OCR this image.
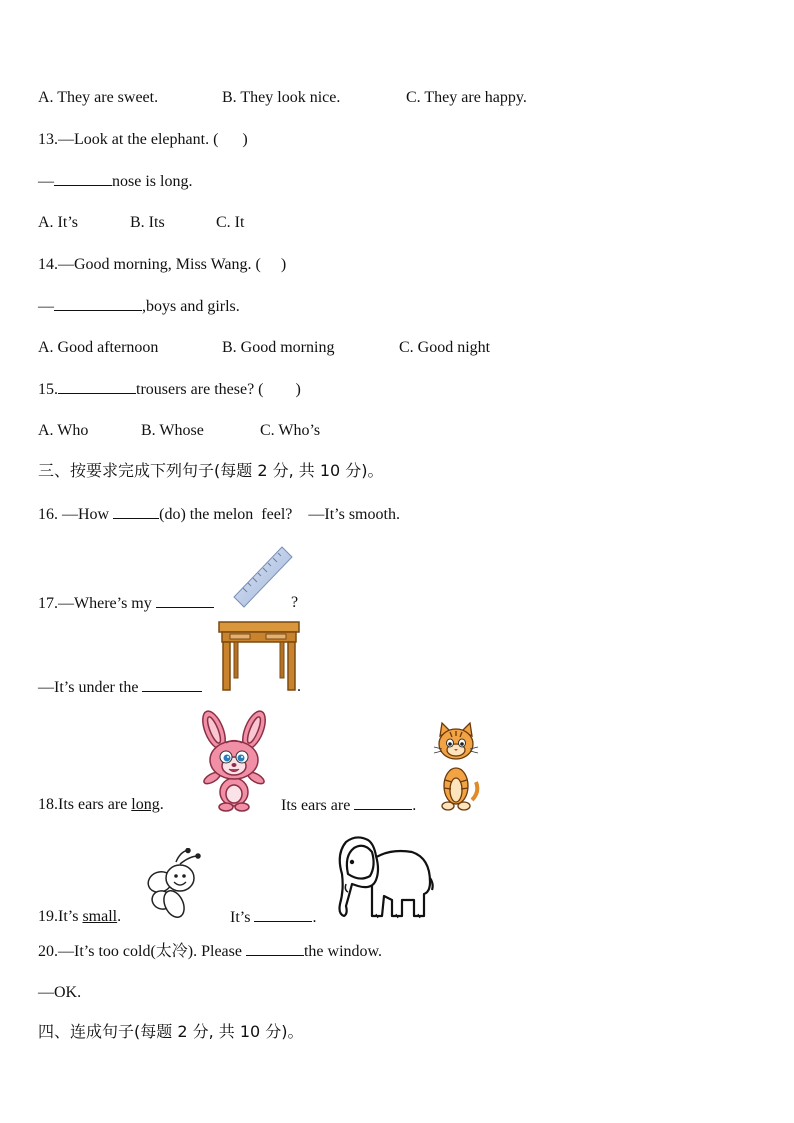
A. They are sweet.	B. They look nice.	C. They are happy.
13.—Look at the elephant. (      )
—	nose is long.
A. It’s	B. Its	C. It
14.—Good morning, Miss Wang. (     )
—	,boys and girls.
A. Good afternoon	B. Good morning	C. Good night
15.	trousers are these? (        )
A. Who	B. Whose	C. Who’s
三、按要求完成下列句子(每题 2 分, 共 10 分)。
16. —How	(do) the melon  feel?    —It’s smooth.
17.—Where’s my	?
—It’s under the	.
18.Its ears are long.	Its ears are	.
19.It’s small.	It’s	.
20.—It’s too cold(太冷). Please	the window.
—OK.
四、连成句子(每题 2 分, 共 10 分)。
